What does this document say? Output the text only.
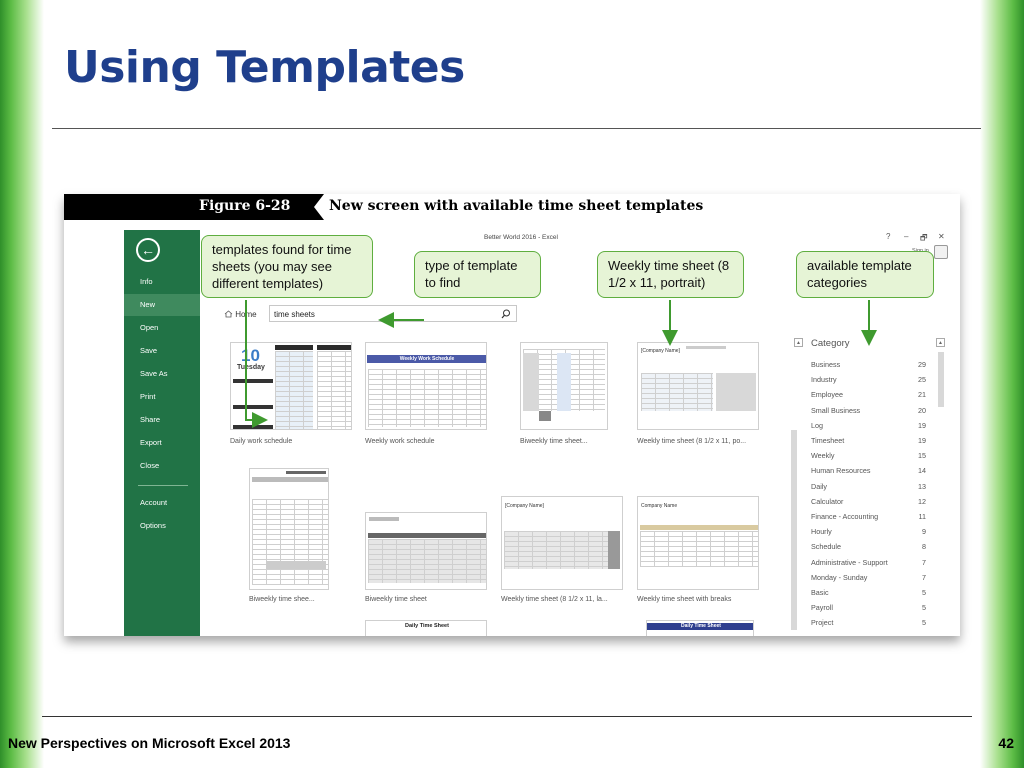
Using Templates
Figure 6-28	New screen with available time sheet templates
←
Info
New
Open
Save
Save As
Print
Share
Export
Close
Account
Options
Better World 2016 - Excel	? – 🗗 ✕
Home
time sheets
10
Tuesday
Daily work schedule
Weekly Work Schedule
Weekly work schedule	Biweekly time sheet...
[Company Name]
Weekly time sheet (8 1/2 x 11, po...
Biweekly time shee...	Biweekly time sheet
[Company Name]
Weekly time sheet (8 1/2 x 11, la...
Company Name
Weekly time sheet with breaks
Daily Time Sheet	Daily Time Sheet
▲ Category	▲
Business	29
Industry	25
Employee	21
Small Business	20
Log	19
Timesheet	19
Weekly	15
Human Resources	14
Daily	13
Calculator	12
Finance - Accounting	11
Hourly	9
Schedule	8
Administrative - Support	7
Monday - Sunday	7
Basic	5
Payroll	5
Project	5
templates found for time sheets (you may see different templates)
type of template to find
Weekly time sheet (8 1/2 x 11, portrait)
available template categories
New Perspectives on Microsoft Excel 2013	42
